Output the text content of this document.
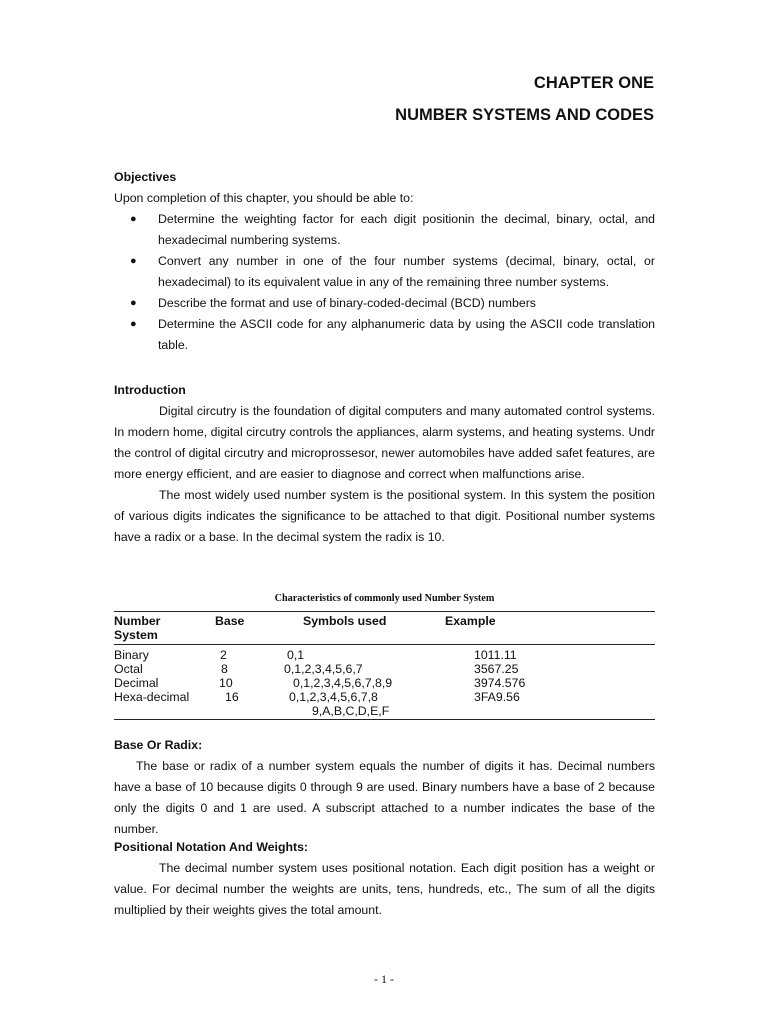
CHAPTER ONE
NUMBER SYSTEMS AND CODES
Objectives
Upon completion of this chapter, you should be able to:
● Determine the weighting factor for each digit positionin the decimal, binary, octal, and hexadecimal numbering systems.
● Convert any number in one of the four number systems (decimal, binary, octal, or hexadecimal) to its equivalent value in any of the remaining three number systems.
● Describe the format and use of binary-coded-decimal (BCD) numbers
● Determine the ASCII code for any alphanumeric data by using the ASCII code translation table.
Introduction
Digital circutry is the foundation of digital computers and many automated control systems. In modern home, digital circutry controls the appliances, alarm systems, and heating systems. Undr the control of digital circutry and microprossesor, newer automobiles have added safet features, are more energy efficient, and are easier to diagnose and correct when malfunctions arise.
The most widely used number system is the positional system. In this system the position of various digits indicates the significance to be attached to that digit. Positional number systems have a radix or a base. In the decimal system the radix is 10.
Characteristics of commonly used Number System
Number System
Base	Symbols used	Example
Binary	2	0,1	1011.11
Octal	8	0,1,2,3,4,5,6,7	3567.25
Decimal	10	0,1,2,3,4,5,6,7,8,9	3974.576
Hexa-decimal	16	0,1,2,3,4,5,6,7,8	3FA9.56
9,A,B,C,D,E,F
Base Or Radix:
The base or radix of a number system equals the number of digits it has. Decimal numbers have a base of 10 because digits 0 through 9 are used. Binary numbers have a base of 2 because only the digits 0 and 1 are used. A subscript attached to a number indicates the base of the number.
Positional Notation And Weights:
The decimal number system uses positional notation. Each digit position has a weight or value. For decimal number the weights are units, tens, hundreds, etc., The sum of all the digits multiplied by their weights gives the total amount.
- 1 -
